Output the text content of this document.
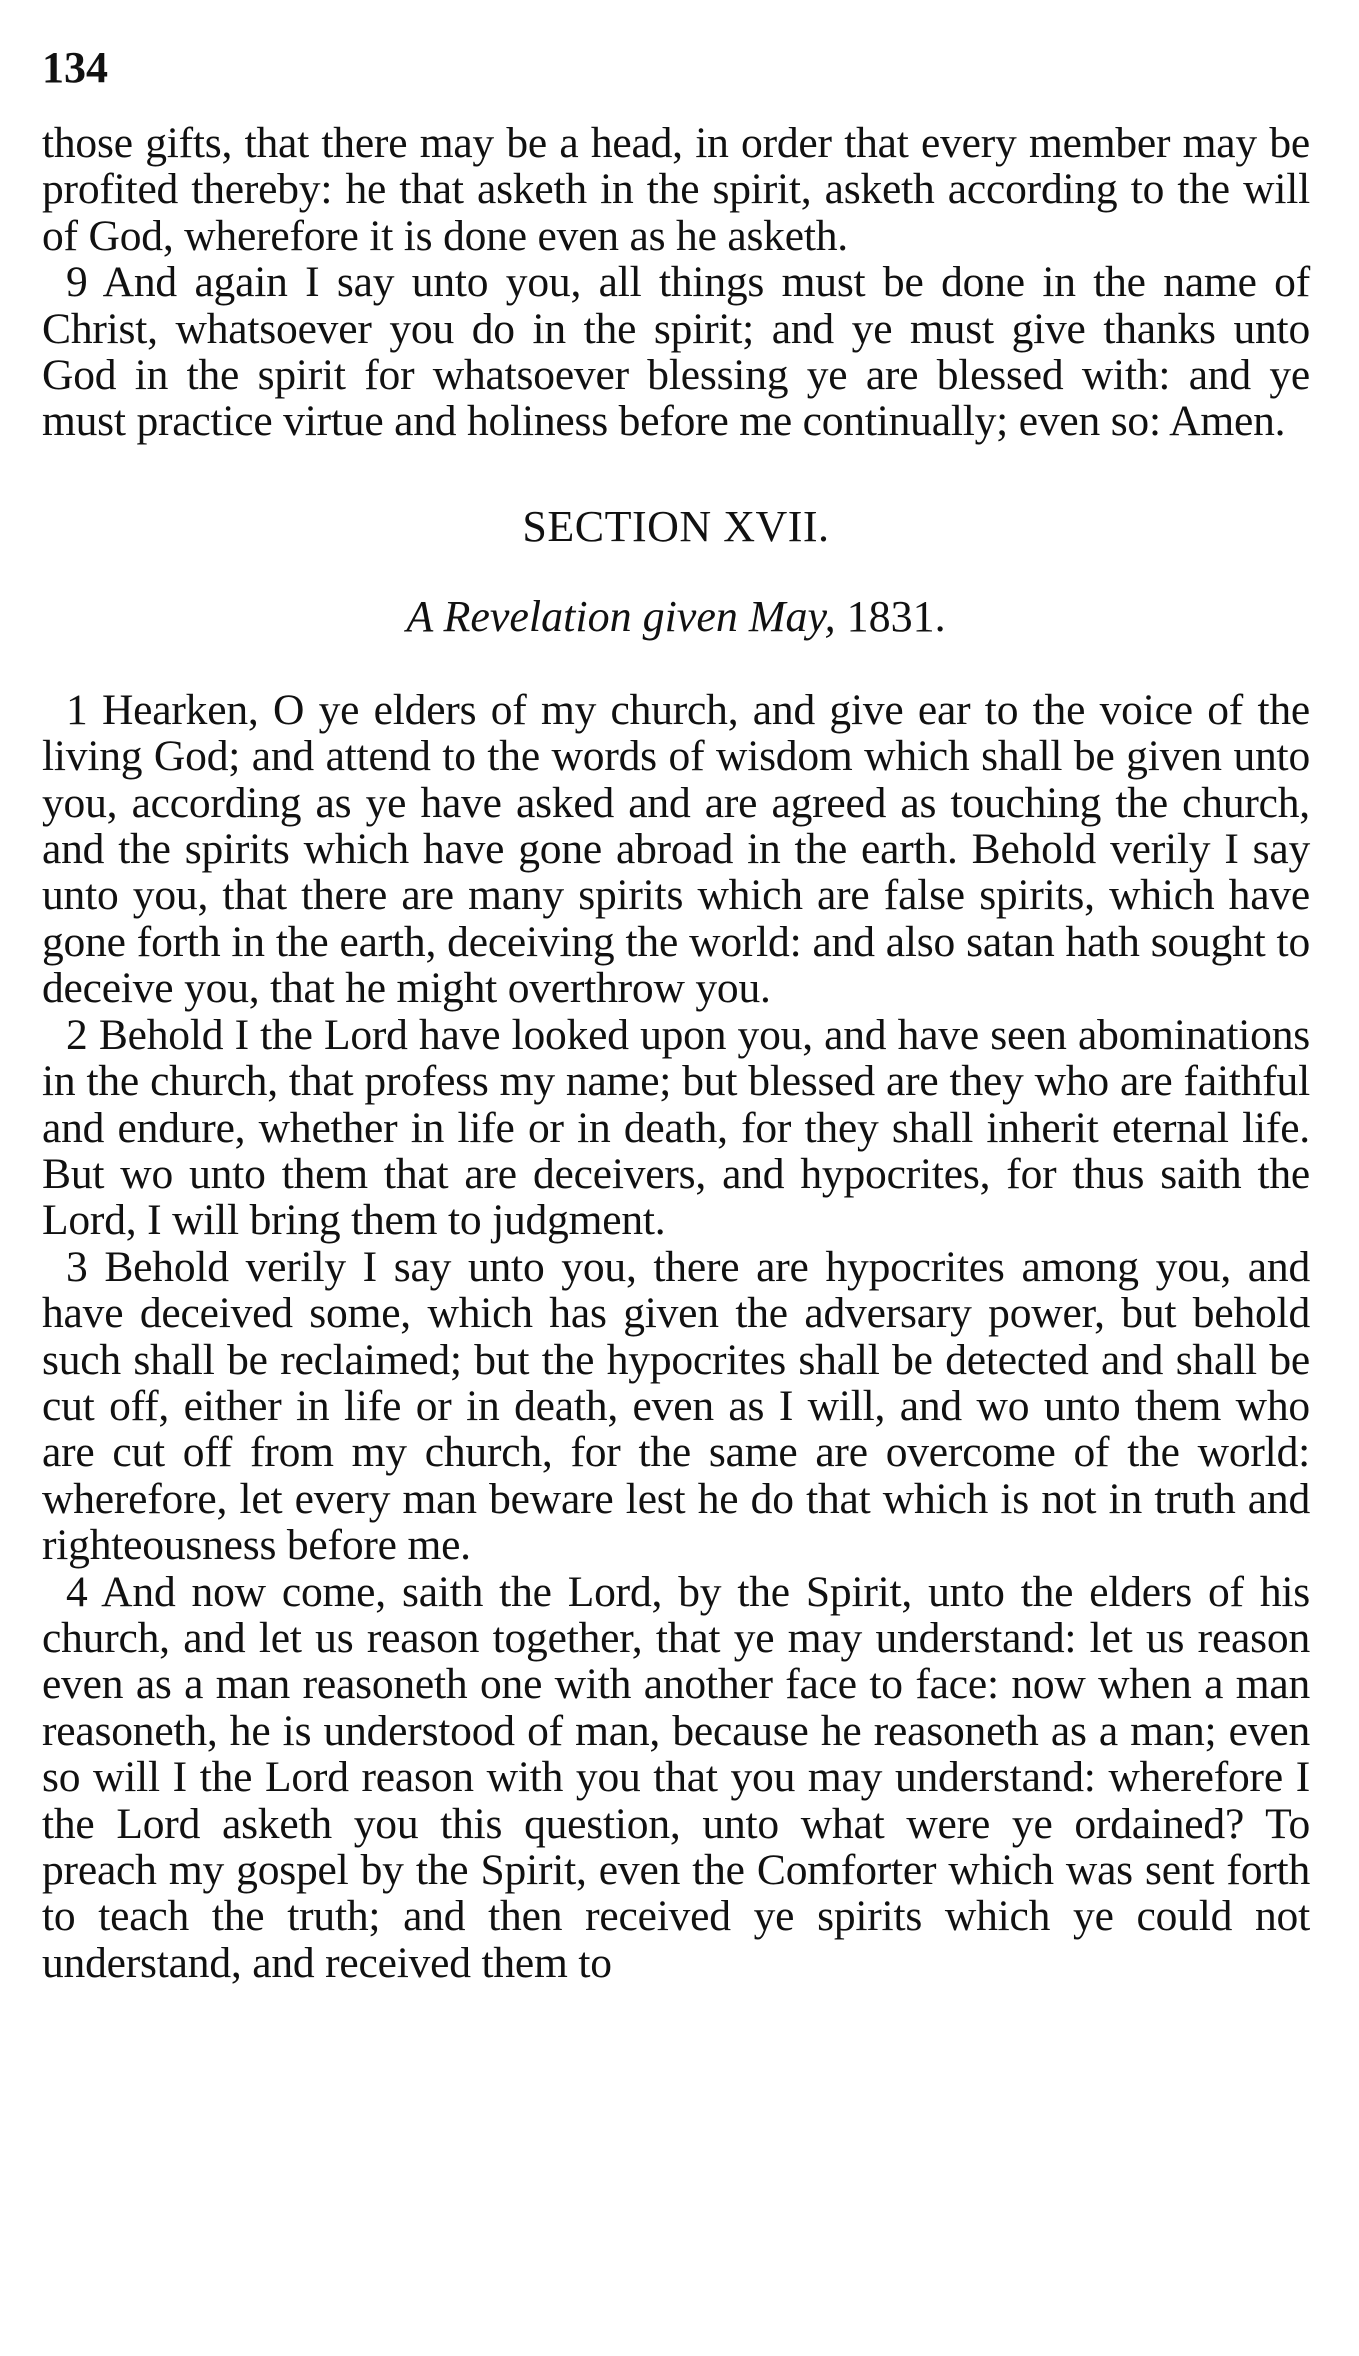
134

those gifts, that there may be a head, in order that every member may be profited thereby: he that asketh in the spirit, asketh according to the will of God, wherefore it is done even as he asketh.

9 And again I say unto you, all things must be done in the name of Christ, whatsoever you do in the spirit; and ye must give thanks unto God in the spirit for whatsoever blessing ye are blessed with: and ye must practice virtue and holiness before me continually; even so: Amen.

SECTION XVII.
A Revelation given May, 1831.

1 Hearken, O ye elders of my church, and give ear to the voice of the living God; and attend to the words of wisdom which shall be given unto you, according as ye have asked and are agreed as touching the church, and the spirits which have gone abroad in the earth. Behold verily I say unto you, that there are many spirits which are false spirits, which have gone forth in the earth, deceiving the world: and also satan hath sought to deceive you, that he might overthrow you.

2 Behold I the Lord have looked upon you, and have seen abominations in the church, that profess my name; but blessed are they who are faithful and endure, whether in life or in death, for they shall inherit eternal life. But wo unto them that are deceivers, and hypocrites, for thus saith the Lord, I will bring them to judgment.

3 Behold verily I say unto you, there are hypocrites among you, and have deceived some, which has given the adversary power, but behold such shall be reclaimed; but the hypocrites shall be detected and shall be cut off, either in life or in death, even as I will, and wo unto them who are cut off from my church, for the same are overcome of the world: wherefore, let every man beware lest he do that which is not in truth and righteousness before me.

4 And now come, saith the Lord, by the Spirit, unto the elders of his church, and let us reason together, that ye may understand: let us reason even as a man reasoneth one with another face to face: now when a man reasoneth, he is understood of man, because he reasoneth as a man; even so will I the Lord reason with you that you may understand: wherefore I the Lord asketh you this question, unto what were ye ordained? To preach my gospel by the Spirit, even the Comforter which was sent forth to teach the truth; and then received ye spirits which ye could not understand, and received them to
